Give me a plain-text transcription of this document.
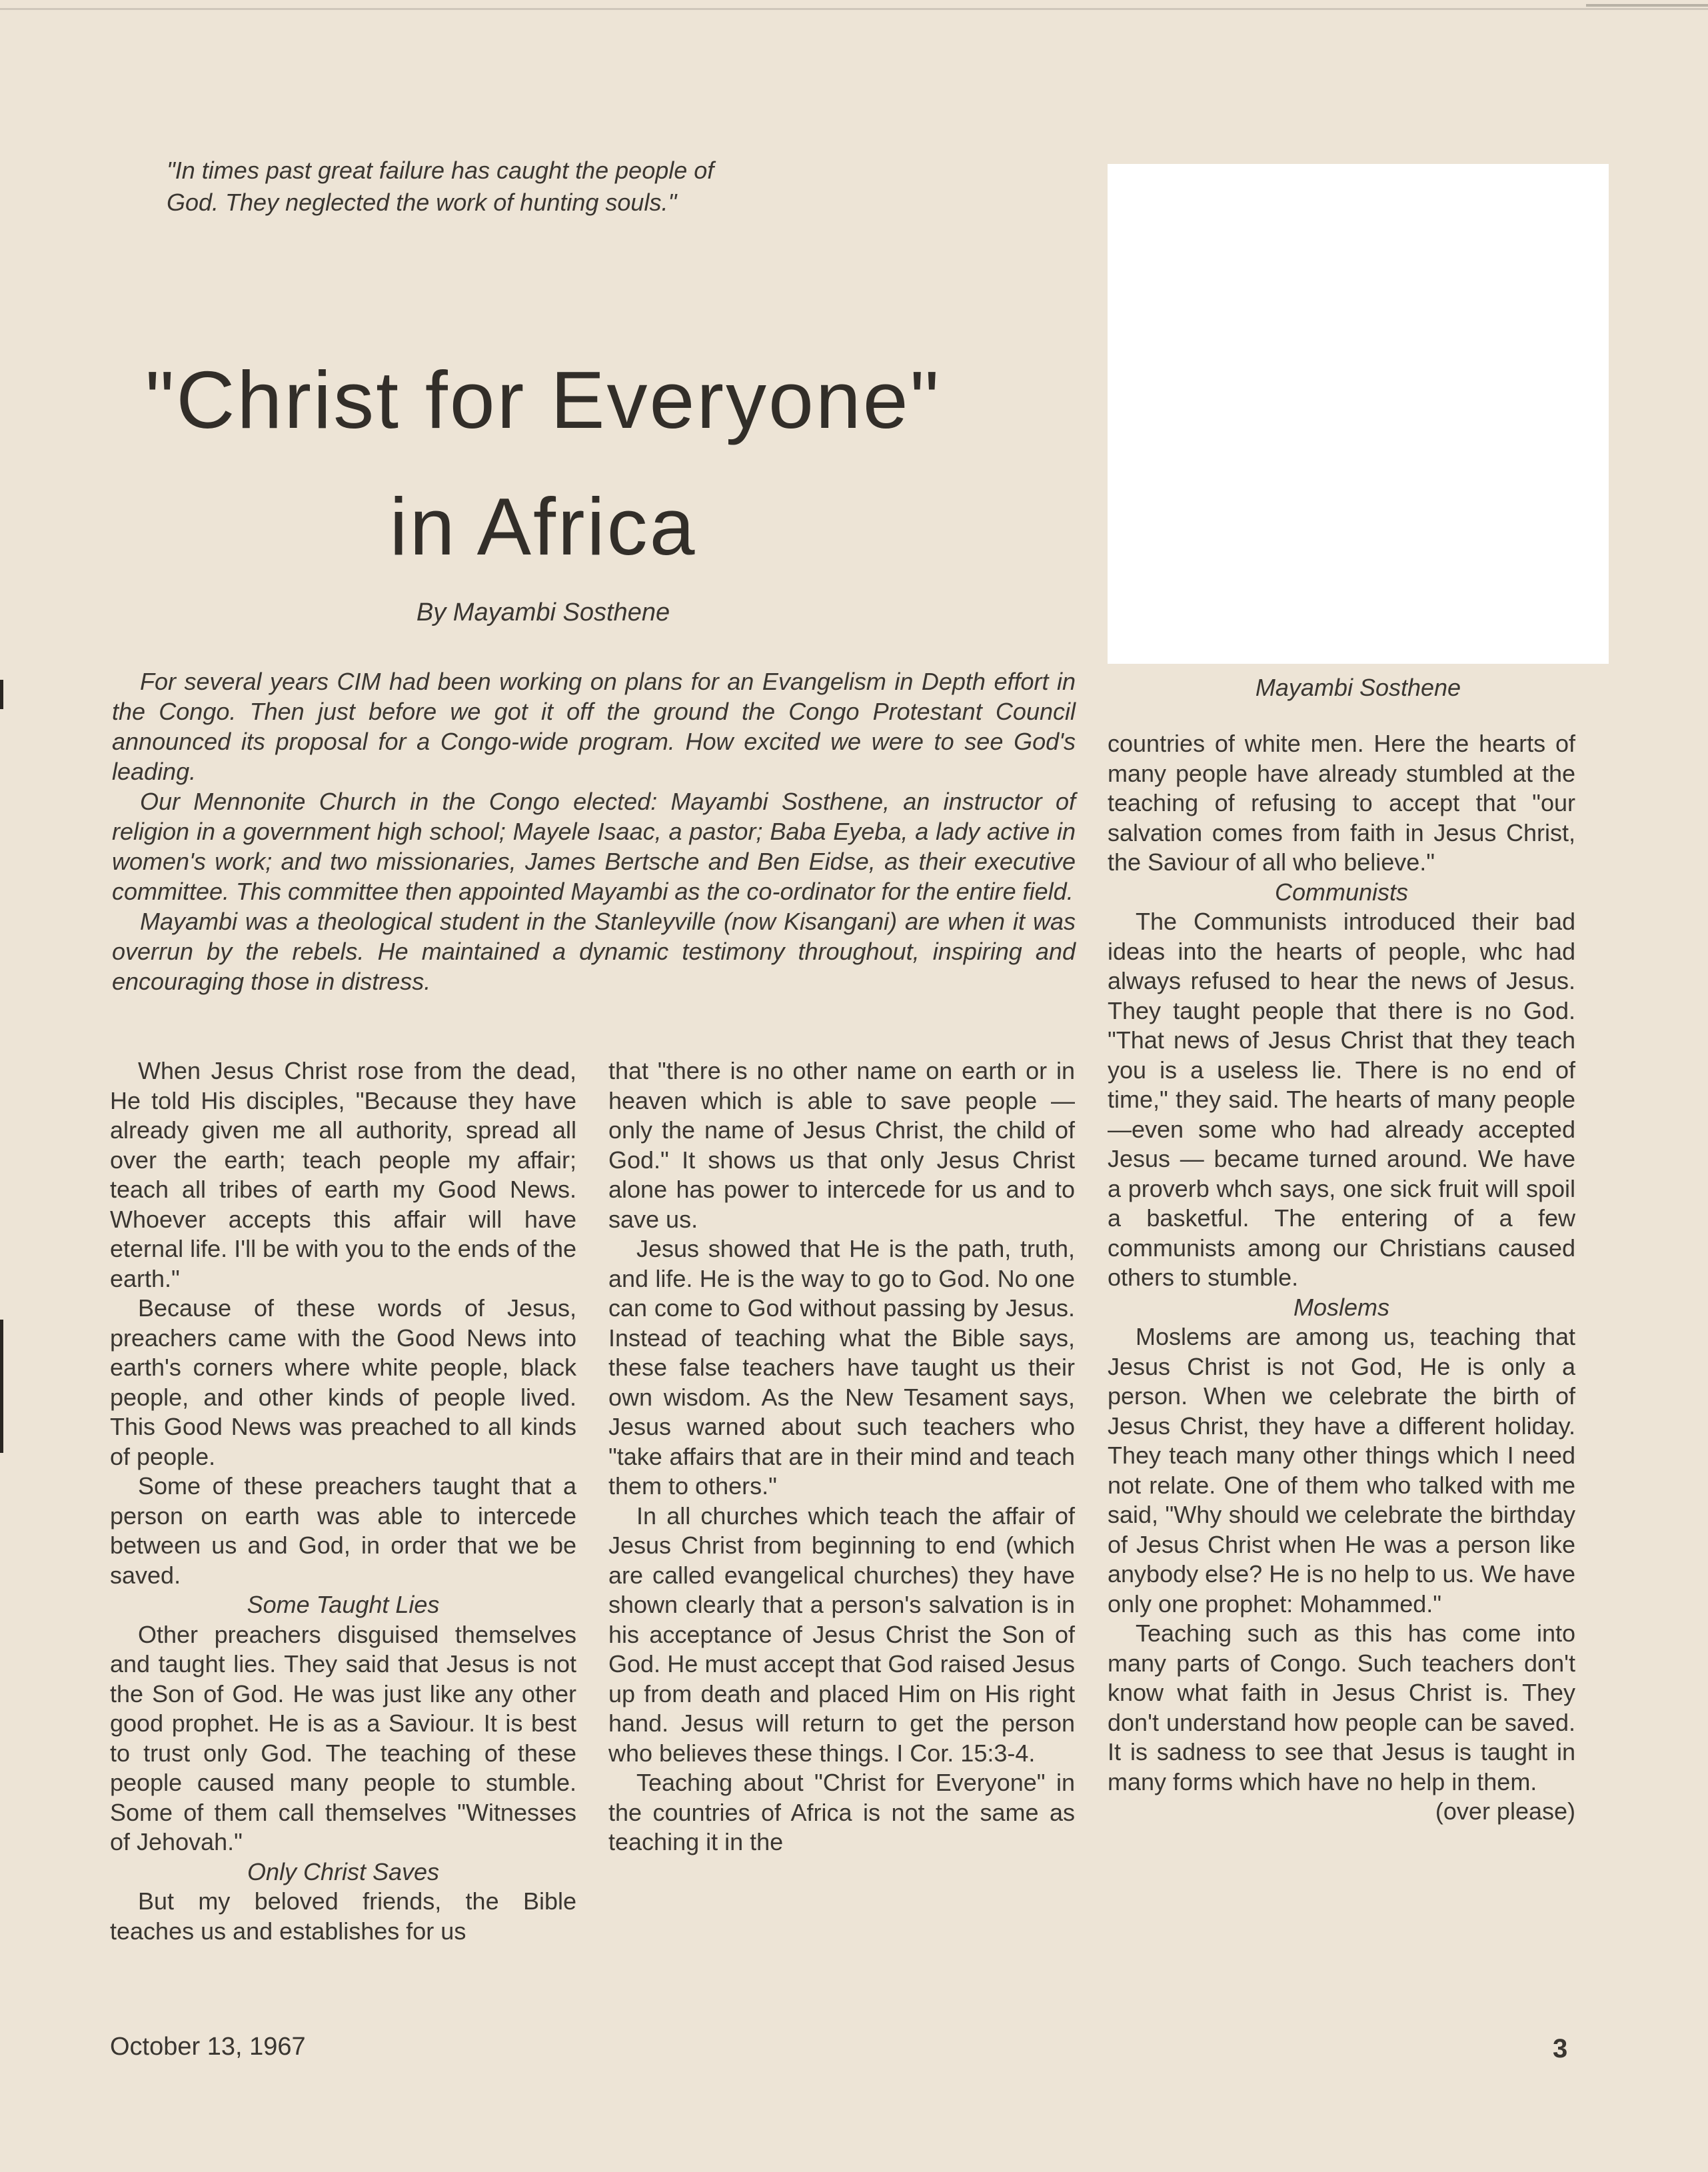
"In times past great failure has caught the people of
God. They neglected the work of hunting souls."
"Christ for Everyone"
in Africa

By Mayambi Sosthene

Mayambi Sosthene

For several years CIM had been working on plans for an Evangelism in Depth effort in the Congo. Then just before we got it off the ground the Congo Protestant Council announced its proposal for a Congo-wide program. How excited we were to see God's leading.

Our Mennonite Church in the Congo elected: Mayambi Sosthene, an instructor of religion in a government high school; Mayele Isaac, a pastor; Baba Eyeba, a lady active in women's work; and two missionaries, James Bertsche and Ben Eidse, as their executive committee. This committee then appointed Mayambi as the co-ordinator for the entire field.

Mayambi was a theological student in the Stanleyville (now Kisangani) are when it was overrun by the rebels. He maintained a dynamic testimony throughout, inspiring and encouraging those in distress.

When Jesus Christ rose from the dead, He told His disciples, "Because they have already given me all authority, spread all over the earth; teach people my affair; teach all tribes of earth my Good News. Whoever accepts this affair will have eternal life. I'll be with you to the ends of the earth."

Because of these words of Jesus, preachers came with the Good News into earth's corners where white people, black people, and other kinds of people lived. This Good News was preached to all kinds of people.

Some of these preachers taught that a person on earth was able to intercede between us and God, in order that we be saved.

Some Taught Lies

Other preachers disguised themselves and taught lies. They said that Jesus is not the Son of God. He was just like any other good prophet. He is as a Saviour. It is best to trust only God. The teaching of these people caused many people to stumble. Some of them call themselves "Witnesses of Jehovah."

Only Christ Saves

But my beloved friends, the Bible teaches us and establishes for us

that "there is no other name on earth or in heaven which is able to save people — only the name of Jesus Christ, the child of God." It shows us that only Jesus Christ alone has power to intercede for us and to save us.

Jesus showed that He is the path, truth, and life. He is the way to go to God. No one can come to God without passing by Jesus. Instead of teaching what the Bible says, these false teachers have taught us their own wisdom. As the New Tesament says, Jesus warned about such teachers who "take affairs that are in their mind and teach them to others."

In all churches which teach the affair of Jesus Christ from beginning to end (which are called evangelical churches) they have shown clearly that a person's salvation is in his acceptance of Jesus Christ the Son of God. He must accept that God raised Jesus up from death and placed Him on His right hand. Jesus will return to get the person who believes these things. I Cor. 15:3-4.

Teaching about "Christ for Everyone" in the countries of Africa is not the same as teaching it in the

countries of white men. Here the hearts of many people have already stumbled at the teaching of refusing to accept that "our salvation comes from faith in Jesus Christ, the Saviour of all who believe."

Communists

The Communists introduced their bad ideas into the hearts of people, whc had always refused to hear the news of Jesus. They taught people that there is no God. "That news of Jesus Christ that they teach you is a useless lie. There is no end of time," they said. The hearts of many people—even some who had already accepted Jesus — became turned around. We have a proverb whch says, one sick fruit will spoil a basketful. The entering of a few communists among our Christians caused others to stumble.

Moslems

Moslems are among us, teaching that Jesus Christ is not God, He is only a person. When we celebrate the birth of Jesus Christ, they have a different holiday. They teach many other things which I need not relate. One of them who talked with me said, "Why should we celebrate the birthday of Jesus Christ when He was a person like anybody else? He is no help to us. We have only one prophet: Mohammed."

Teaching such as this has come into many parts of Congo. Such teachers don't know what faith in Jesus Christ is. They don't understand how people can be saved. It is sadness to see that Jesus is taught in many forms which have no help in them.

(over please)

October 13, 1967	3
